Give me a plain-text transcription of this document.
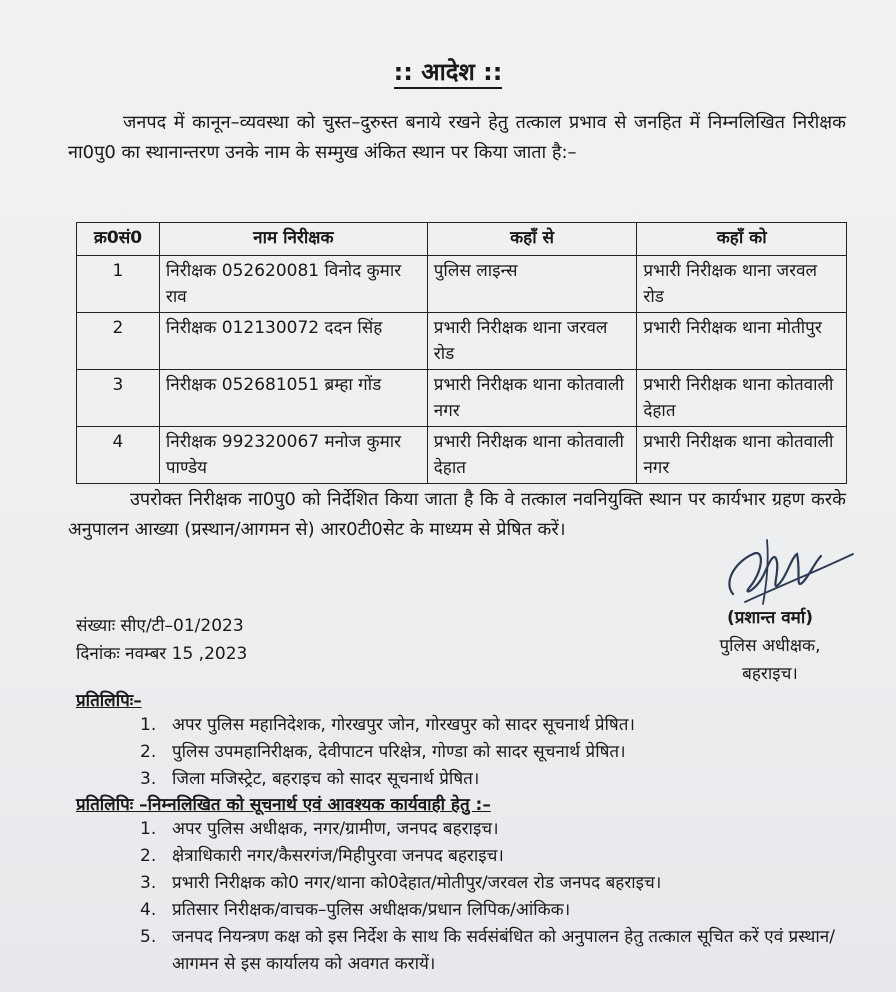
:: आदेश ::

जनपद में कानून–व्यवस्था को चुस्त–दुरुस्त बनाये रखने हेतु तत्काल प्रभाव से जनहित में निम्नलिखित निरीक्षक ना0पु0 का स्थानान्तरण उनके नाम के सम्मुख अंकित स्थान पर किया जाता है:–

क्र0सं0	नाम निरीक्षक	कहाँ से	कहाँ को
1	निरीक्षक 052620081 विनोद कुमार राव	पुलिस लाइन्स	प्रभारी निरीक्षक थाना जरवल रोड
2	निरीक्षक 012130072 ददन सिंह	प्रभारी निरीक्षक थाना जरवल रोड	प्रभारी निरीक्षक थाना मोतीपुर
3	निरीक्षक 052681051 ब्रम्हा गोंड	प्रभारी निरीक्षक थाना कोतवाली नगर	प्रभारी निरीक्षक थाना कोतवाली देहात
4	निरीक्षक 992320067 मनोज कुमार पाण्डेय	प्रभारी निरीक्षक थाना कोतवाली देहात	प्रभारी निरीक्षक थाना कोतवाली नगर

उपरोक्त निरीक्षक ना0पु0 को निर्देशित किया जाता है कि वे तत्काल नवनियुक्ति स्थान पर कार्यभार ग्रहण करके अनुपालन आख्या (प्रस्थान/आगमन से) आर0टी0सेट के माध्यम से प्रेषित करें।

संख्याः सीए/टी–01/2023
दिनांकः नवम्बर 15 ,2023
(प्रशान्त वर्मा)
पुलिस अधीक्षक,
बहराइच।
प्रतिलिपिः–
1. अपर पुलिस महानिदेशक, गोरखपुर जोन, गोरखपुर को सादर सूचनार्थ प्रेषित।
2. पुलिस उपमहानिरीक्षक, देवीपाटन परिक्षेत्र, गोण्डा को सादर सूचनार्थ प्रेषित।
3. जिला मजिस्ट्रेट, बहराइच को सादर सूचनार्थ प्रेषित।
प्रतिलिपिः –निम्नलिखित को सूचनार्थ एवं आवश्यक कार्यवाही हेतु :–
1. अपर पुलिस अधीक्षक, नगर/ग्रामीण, जनपद बहराइच।
2. क्षेत्राधिकारी नगर/कैसरगंज/मिहीपुरवा जनपद बहराइच।
3. प्रभारी निरीक्षक को0 नगर/थाना को0देहात/मोतीपुर/जरवल रोड जनपद बहराइच।
4. प्रतिसार निरीक्षक/वाचक–पुलिस अधीक्षक/प्रधान लिपिक/आंकिक।
5. जनपद नियन्त्रण कक्ष को इस निर्देश के साथ कि सर्वसंबंधित को अनुपालन हेतु तत्काल सूचित करें एवं प्रस्थान/आगमन से इस कार्यालय को अवगत करायें।
